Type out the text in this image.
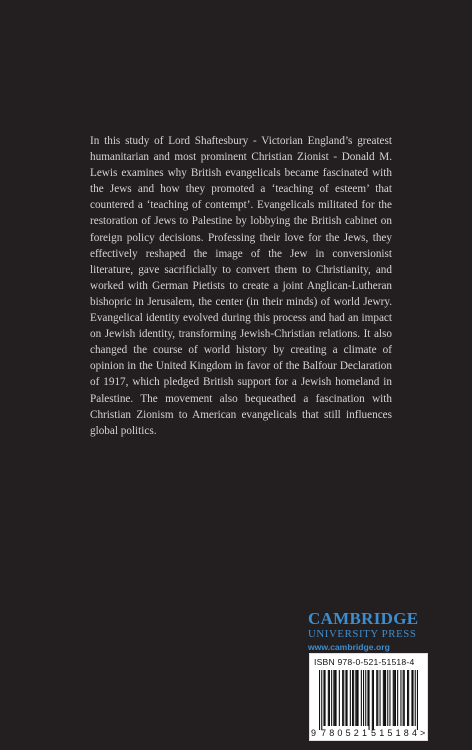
In this study of Lord Shaftesbury - Victorian England’s greatest humanitarian and most prominent Christian Zionist - Donald M. Lewis examines why British evangelicals became fascinated with the Jews and how they promoted a ‘teaching of esteem’ that countered a ‘teaching of contempt’. Evangelicals militated for the restoration of Jews to Palestine by lobbying the British cabinet on foreign policy decisions. Professing their love for the Jews, they effectively reshaped the image of the Jew in conversionist literature, gave sacrificially to convert them to Christianity, and worked with German Pietists to create a joint Anglican-Lutheran bishopric in Jerusalem, the center (in their minds) of world Jewry. Evangelical identity evolved during this process and had an impact on Jewish identity, transforming Jewish-Christian relations. It also changed the course of world history by creating a climate of opinion in the United Kingdom in favor of the Balfour Declaration of 1917, which pledged British support for a Jewish homeland in Palestine. The movement also bequeathed a fascination with Christian Zionism to American evangelicals that still influences global politics.

CAMBRIDGE
UNIVERSITY PRESS
www.cambridge.org
ISBN 978-0-521-51518-4
9 780521 515184 >
